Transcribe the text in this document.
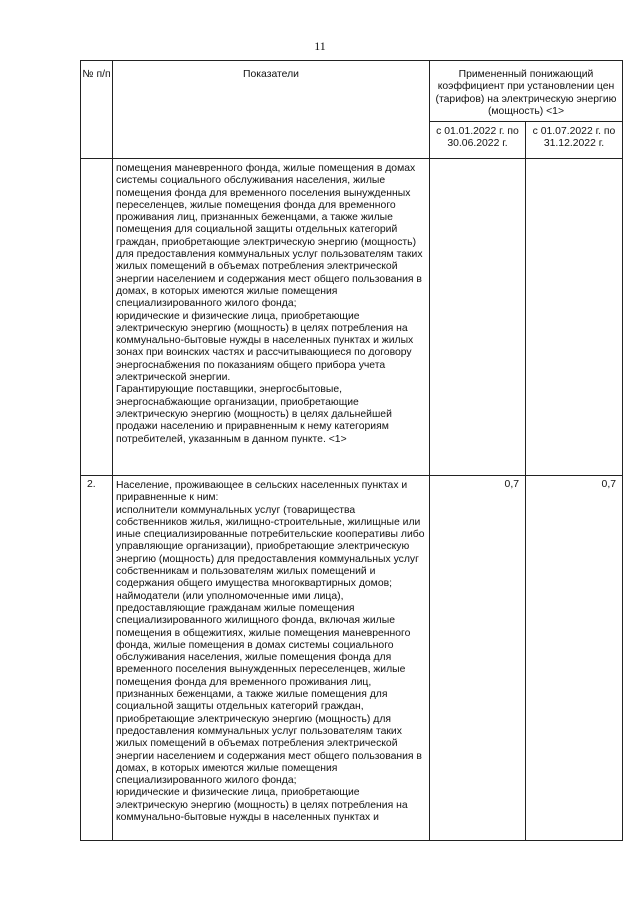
11
№ п/п	Показатели	Примененный понижающий коэффициент при установлении цен (тарифов) на электрическую энергию (мощность) <1>	
		с 01.01.2022 г. по 30.06.2022 г.	с 01.07.2022 г. по 31.12.2022 г.

	помещения маневренного фонда, жилые помещения в домах системы социального обслуживания населения, жилые помещения фонда для временного поселения вынужденных переселенцев, жилые помещения фонда для временного проживания лиц, признанных беженцами, а также жилые помещения для социальной защиты отдельных категорий граждан, приобретающие электрическую энергию (мощность) для предоставления коммунальных услуг пользователям таких жилых помещений в объемах потребления электрической энергии населением и содержания мест общего пользования в домах, в которых имеются жилые помещения специализированного жилого фонда;
юридические и физические лица, приобретающие электрическую энергию (мощность) в целях потребления на коммунально-бытовые нужды в населенных пунктах и жилых зонах при воинских частях и рассчитывающиеся по договору энергоснабжения по показаниям общего прибора учета электрической энергии.
Гарантирующие поставщики, энергосбытовые, энергоснабжающие организации, приобретающие электрическую энергию (мощность) в целях дальнейшей продажи населению и приравненным к нему категориям потребителей, указанным в данном пункте. <1>		

2.	Население, проживающее в сельских населенных пунктах и приравненные к ним:
исполнители коммунальных услуг (товарищества собственников жилья, жилищно-строительные, жилищные или иные специализированные потребительские кооперативы либо управляющие организации), приобретающие электрическую энергию (мощность) для предоставления коммунальных услуг собственникам и пользователям жилых помещений и содержания общего имущества многоквартирных домов; наймодатели (или уполномоченные ими лица), предоставляющие гражданам жилые помещения специализированного жилищного фонда, включая жилые помещения в общежитиях, жилые помещения маневренного фонда, жилые помещения в домах системы социального обслуживания населения, жилые помещения фонда для временного поселения вынужденных переселенцев, жилые помещения фонда для временного проживания лиц, признанных беженцами, а также жилые помещения для социальной защиты отдельных категорий граждан, приобретающие электрическую энергию (мощность) для предоставления коммунальных услуг пользователям таких жилых помещений в объемах потребления электрической энергии населением и содержания мест общего пользования в домах, в которых имеются жилые помещения специализированного жилого фонда;
юридические и физические лица, приобретающие электрическую энергию (мощность) в целях потребления на коммунально-бытовые нужды в населенных пунктах и	0,7	0,7
